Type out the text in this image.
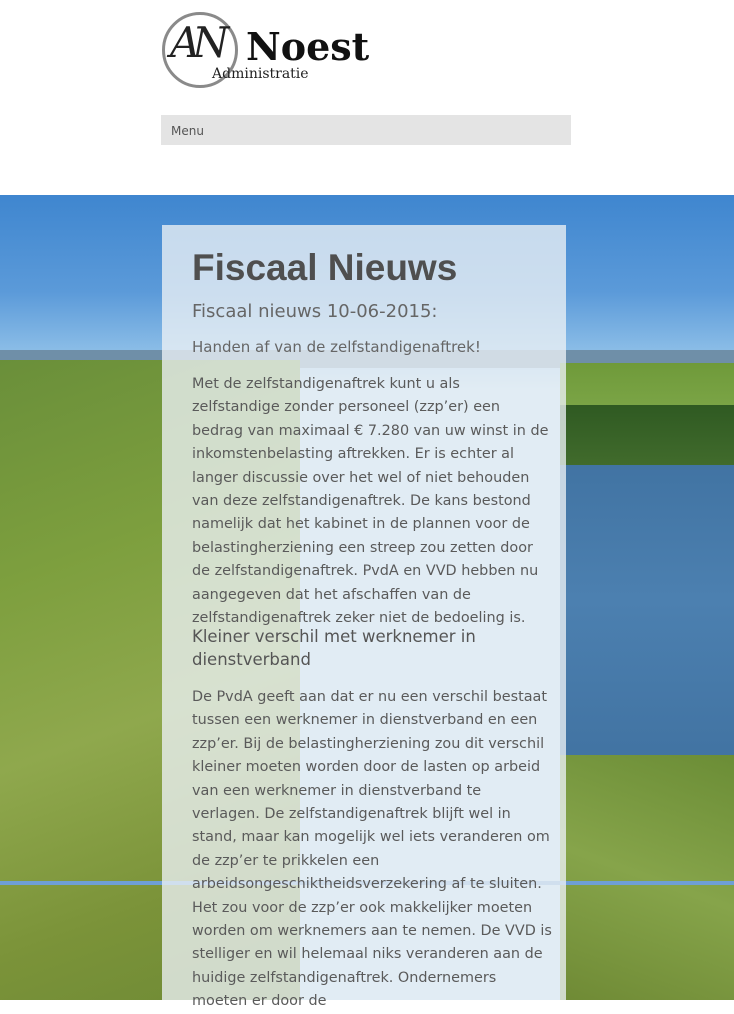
AN Noest
Administratie
Menu
Fiscaal Nieuws
Fiscaal nieuws 10-06-2015:
Handen af van de zelfstandigenaftrek!
Met de zelfstandigenaftrek kunt u als zelfstandige zonder personeel (zzp’er) een bedrag van maximaal € 7.280 van uw winst in de inkomstenbelasting aftrekken. Er is echter al langer discussie over het wel of niet behouden van deze zelfstandigenaftrek. De kans bestond namelijk dat het kabinet in de plannen voor de belastingherziening een streep zou zetten door de zelfstandigenaftrek. PvdA en VVD hebben nu aangegeven dat het afschaffen van de zelfstandigenaftrek zeker niet de bedoeling is.
Kleiner verschil met werknemer in dienstverband
De PvdA geeft aan dat er nu een verschil bestaat tussen een werknemer in dienstverband en een zzp’er. Bij de belastingherziening zou dit verschil kleiner moeten worden door de lasten op arbeid van een werknemer in dienstverband te verlagen. De zelfstandigenaftrek blijft wel in stand, maar kan mogelijk wel iets veranderen om de zzp’er te prikkelen een arbeidsongeschiktheidsverzekering af te sluiten. Het zou voor de zzp’er ook makkelijker moeten worden om werknemers aan te nemen. De VVD is stelliger en wil helemaal niks veranderen aan de huidige zelfstandigenaftrek. Ondernemers moeten er door de
